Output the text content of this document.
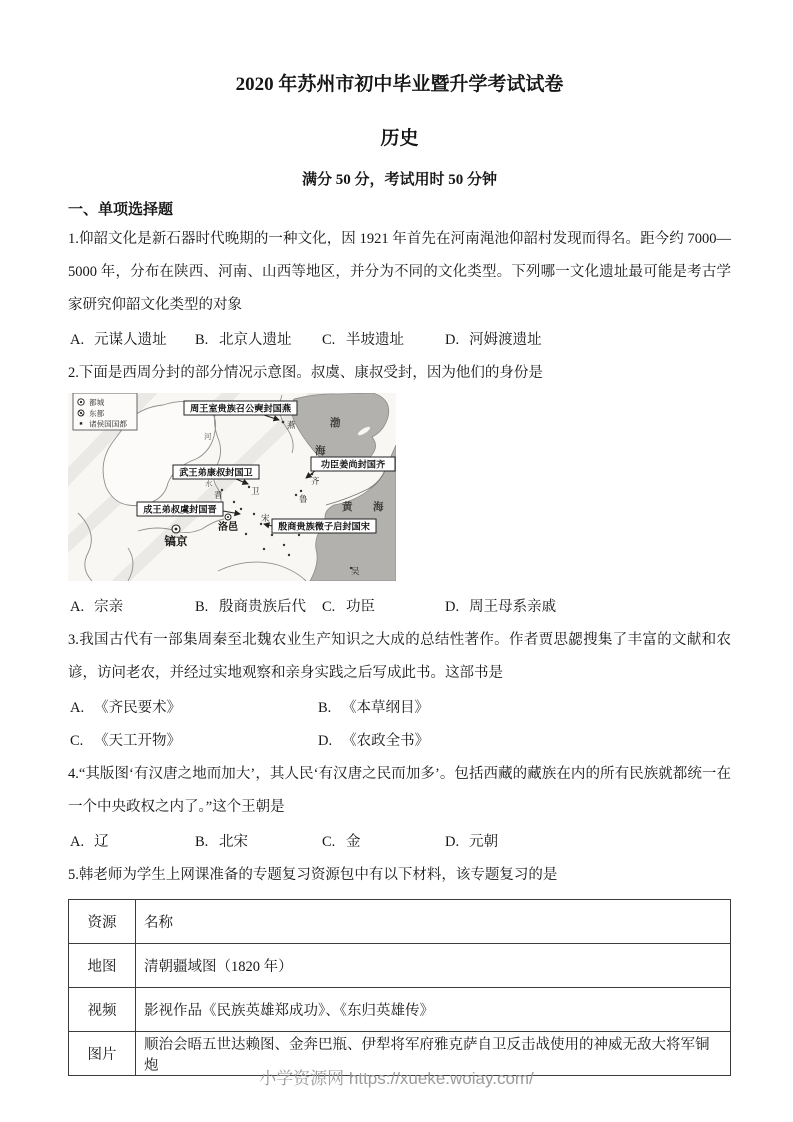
2020 年苏州市初中毕业暨升学考试试卷
历史
满分 50 分，考试用时 50 分钟
一、单项选择题

1.仰韶文化是新石器时代晚期的一种文化，因 1921 年首先在河南渑池仰韶村发现而得名。距今约 7000—5000 年，分布在陕西、河南、山西等地区，并分为不同的文化类型。下列哪一文化遗址最可能是考古学家研究仰韶文化类型的对象

A. 元谋人遗址	B. 北京人遗址	C. 半坡遗址	D. 河姆渡遗址

2.下面是西周分封的部分情况示意图。叔虞、康叔受封，因为他们的身份是

渤
海
黄 海
燕
齐
卫
晋	鲁
宋
吴
河
水
周王室贵族召公奭封国燕
功臣姜尚封国齐
武王弟康叔封国卫
成王弟叔虞封国晋
殷商贵族微子启封国宋
洛邑
镐京
都城
东都
诸侯国国都
A. 宗亲	B. 殷商贵族后代	C. 功臣	D. 周王母系亲戚

3.我国古代有一部集周秦至北魏农业生产知识之大成的总结性著作。作者贾思勰搜集了丰富的文献和农谚，访问老农，并经过实地观察和亲身实践之后写成此书。这部书是

A. 《齐民要术》	B. 《本草纲目》
C. 《天工开物》	D. 《农政全书》

4.“其版图‘有汉唐之地而加大’，其人民‘有汉唐之民而加多’。包括西藏的藏族在内的所有民族就都统一在一个中央政权之内了。”这个王朝是

A. 辽	B. 北宋	C. 金	D. 元朝

5.韩老师为学生上网课准备的专题复习资源包中有以下材料，该专题复习的是

资源	名称
地图	清朝疆域图（1820 年）
视频	影视作品《民族英雄郑成功》、《东归英雄传》
图片	顺治会晤五世达赖图、金奔巴瓶、伊犁将军府雅克萨自卫反击战使用的神威无敌大将军铜炮
小学资源网 https://xueke.woiay.com/
